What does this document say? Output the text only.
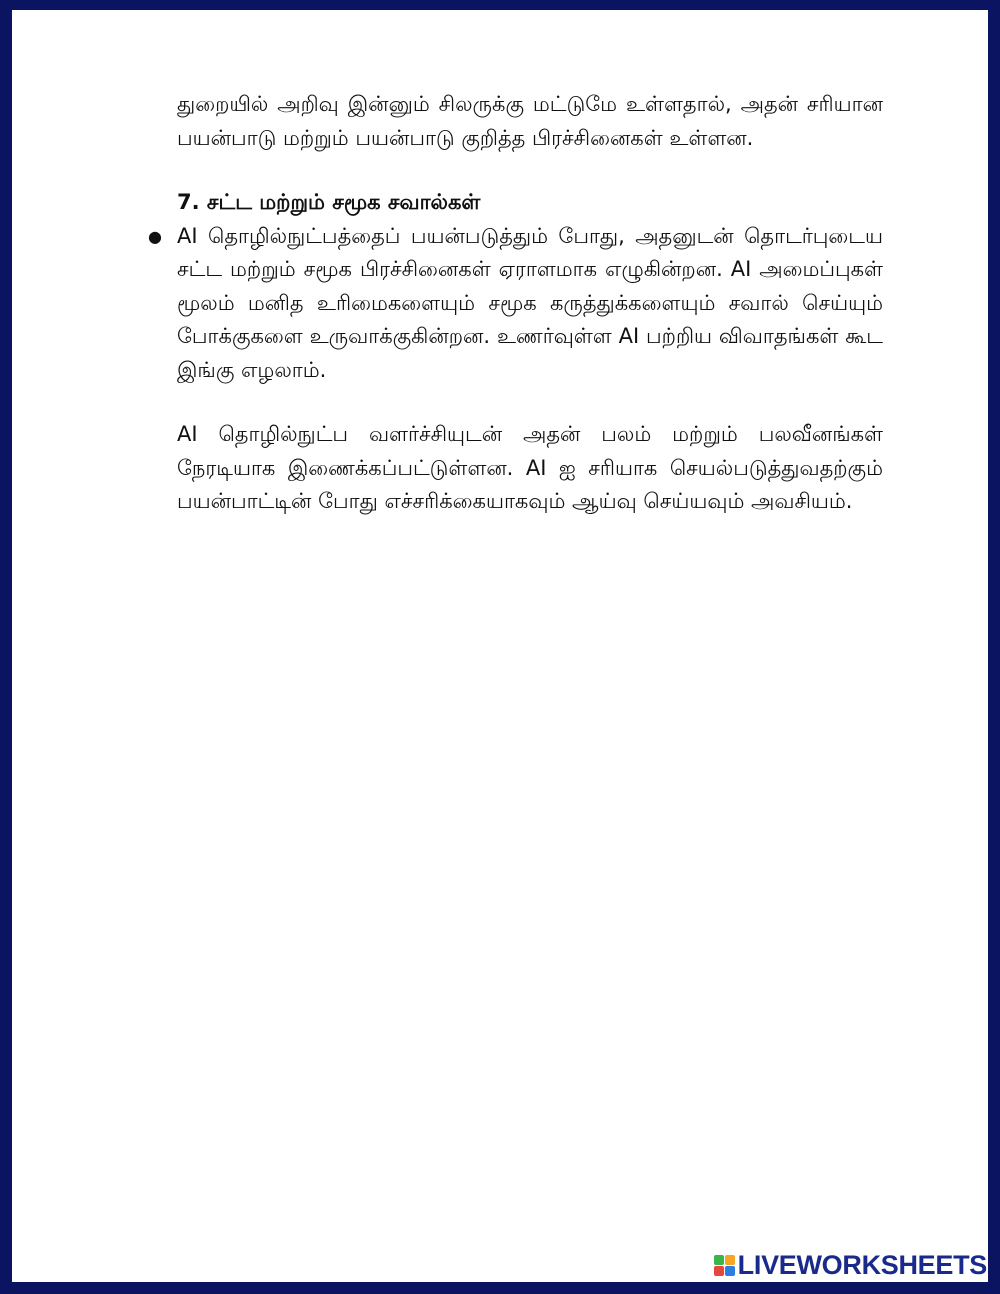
துறையில் அறிவு இன்னும் சிலருக்கு மட்டுமே உள்ளதால், அதன் சரியான பயன்பாடு மற்றும் பயன்பாடு குறித்த பிரச்சினைகள் உள்ளன.

7. சட்ட மற்றும் சமூக சவால்கள்

● AI தொழில்நுட்பத்தைப் பயன்படுத்தும் போது, அதனுடன் தொடர்புடைய சட்ட மற்றும் சமூக பிரச்சினைகள் ஏராளமாக எழுகின்றன. AI அமைப்புகள் மூலம் மனித உரிமைகளையும் சமூக கருத்துக்களையும் சவால் செய்யும் போக்குகளை உருவாக்குகின்றன. உணர்வுள்ள AI பற்றிய விவாதங்கள் கூட இங்கு எழலாம்.

AI தொழில்நுட்ப வளர்ச்சியுடன் அதன் பலம் மற்றும் பலவீனங்கள் நேரடியாக இணைக்கப்பட்டுள்ளன. AI ஐ சரியாக செயல்படுத்துவதற்கும் பயன்பாட்டின் போது எச்சரிக்கையாகவும் ஆய்வு செய்யவும் அவசியம்.

LIVEWORKSHEETS
